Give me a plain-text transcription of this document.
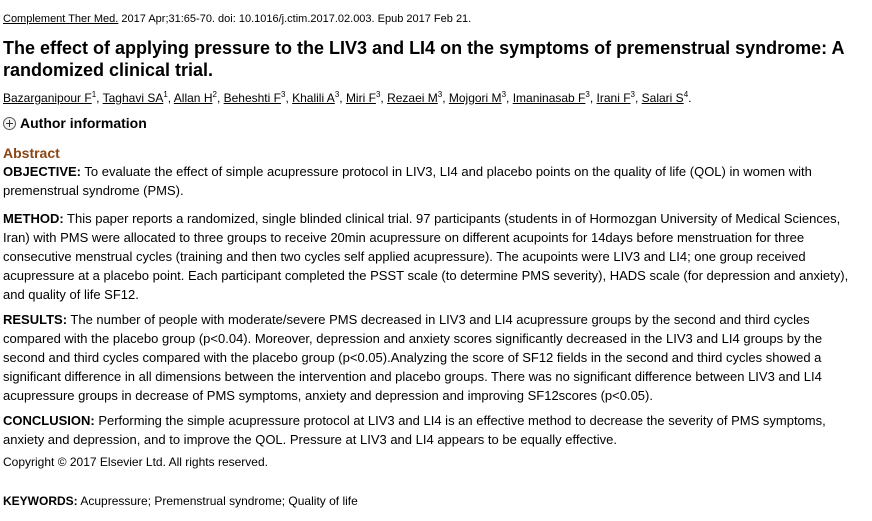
Complement Ther Med. 2017 Apr;31:65-70. doi: 10.1016/j.ctim.2017.02.003. Epub 2017 Feb 21.
The effect of applying pressure to the LIV3 and LI4 on the symptoms of premenstrual syndrome: A randomized clinical trial.
Bazarganipour $F^1$, Taghavi $SA^1$, Allan $H^2$, Beheshti $F^3$, Khalili $A^3$, Miri $F^3$, Rezaei $M^3$, Mojgori $M^3$, Imaninasab $F^3$, Irani $F^3$, Salari $S^4$.
Author information
Abstract

OBJECTIVE: To evaluate the effect of simple acupressure protocol in LIV3, LI4 and placebo points on the quality of life (QOL) in women with premenstrual syndrome (PMS).

METHOD: This paper reports a randomized, single blinded clinical trial. 97 participants (students in of Hormozgan University of Medical Sciences, Iran) with PMS were allocated to three groups to receive 20min acupressure on different acupoints for 14days before menstruation for three consecutive menstrual cycles (training and then two cycles self applied acupressure). The acupoints were LIV3 and LI4; one group received acupressure at a placebo point. Each participant completed the PSST scale (to determine PMS severity), HADS scale (for depression and anxiety), and quality of life SF12.

RESULTS: The number of people with moderate/severe PMS decreased in LIV3 and LI4 acupressure groups by the second and third cycles compared with the placebo group (p<0.04). Moreover, depression and anxiety scores significantly decreased in the LIV3 and LI4 groups by the second and third cycles compared with the placebo group (p<0.05).Analyzing the score of SF12 fields in the second and third cycles showed a significant difference in all dimensions between the intervention and placebo groups. There was no significant difference between LIV3 and LI4 acupressure groups in decrease of PMS symptoms, anxiety and depression and improving SF12scores (p<0.05).

CONCLUSION: Performing the simple acupressure protocol at LIV3 and LI4 is an effective method to decrease the severity of PMS symptoms, anxiety and depression, and to improve the QOL. Pressure at LIV3 and LI4 appears to be equally effective.

Copyright © 2017 Elsevier Ltd. All rights reserved.
KEYWORDS: Acupressure; Premenstrual syndrome; Quality of life
